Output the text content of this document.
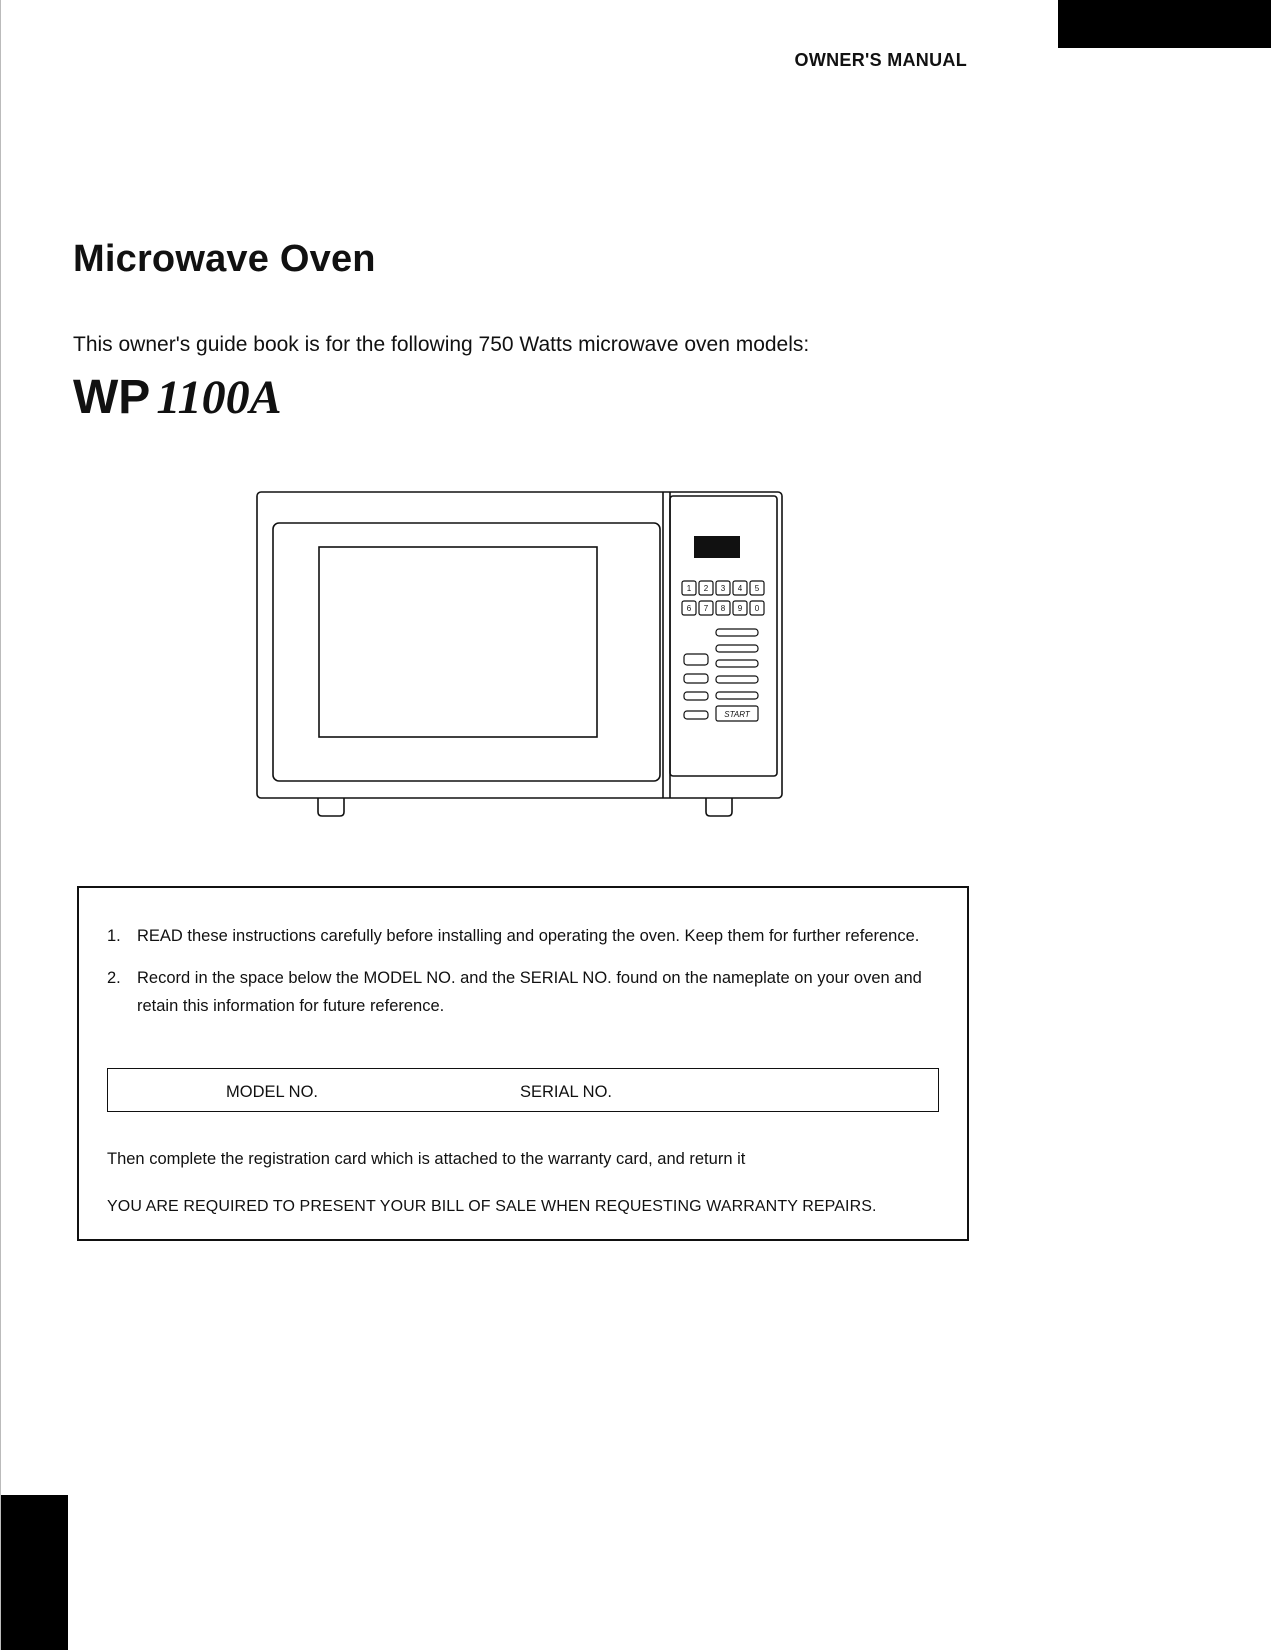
OWNER'S MANUAL
Microwave Oven
This owner's guide book is for the following 750 Watts microwave oven models:
WP 1100A
1 2 3 4 5
6 7 8 9 0
START
1. READ these instructions carefully before installing and operating the oven. Keep them for further reference.
2. Record in the space below the MODEL NO. and the SERIAL NO. found on the nameplate on your oven and retain this information for future reference.
MODEL NO.	SERIAL NO.
Then complete the registration card which is attached to the warranty card, and return it
YOU ARE REQUIRED TO PRESENT YOUR BILL OF SALE WHEN REQUESTING WARRANTY REPAIRS.
